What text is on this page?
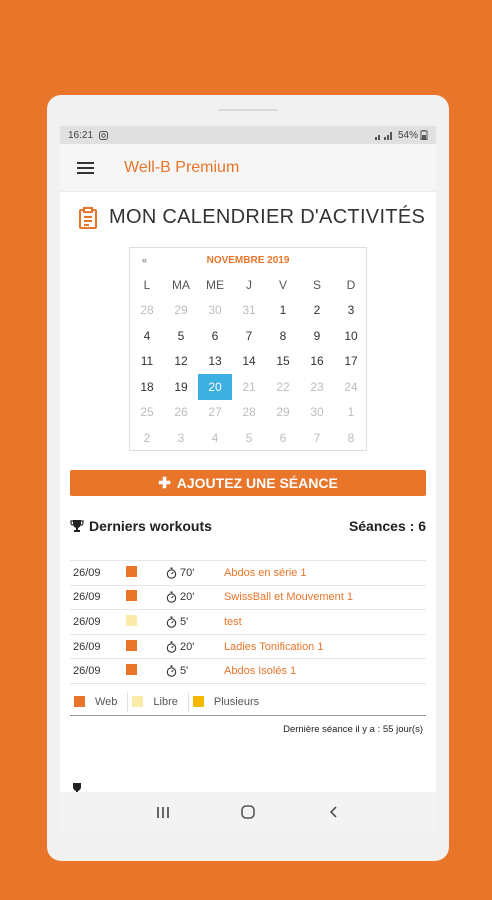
16:21	54%
Well-B Premium
MON CALENDRIER D'ACTIVITÉS
«	NOVEMBRE 2019
L	MA	ME	J	V	S	D
28	29	30	31	1	2	3
4	5	6	7	8	9	10
11	12	13	14	15	16	17
18	19	20	21	22	23	24
25	26	27	28	29	30	1
2	3	4	5	6	7	8
✚ AJOUTEZ UNE SÉANCE
Derniers workouts	Séances : 6
26/09	70'	Abdos en série 1
26/09	20'	SwissBall et Mouvement 1
26/09	5'	test
26/09	20'	Ladies Tonification 1
26/09	5'	Abdos Isolés 1
Web	Libre	Plusieurs
Dernière séance il y a : 55 jour(s)
